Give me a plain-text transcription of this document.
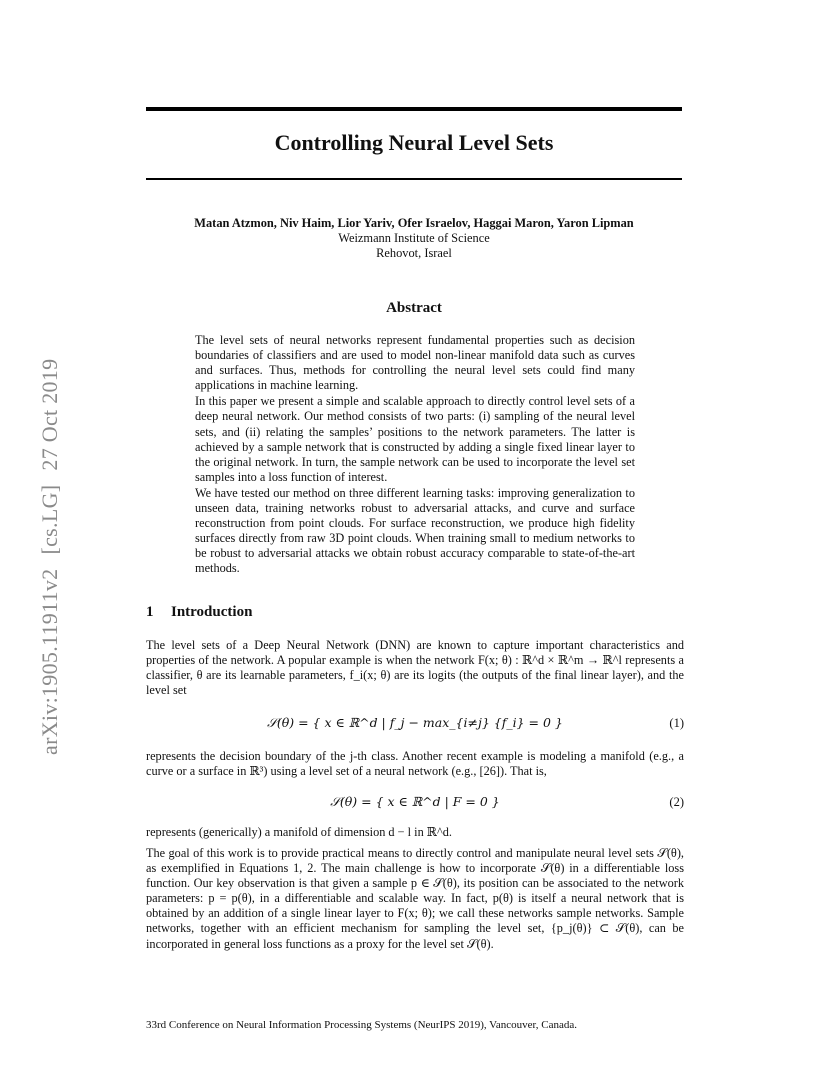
Controlling Neural Level Sets
Matan Atzmon, Niv Haim, Lior Yariv, Ofer Israelov, Haggai Maron, Yaron Lipman
Weizmann Institute of Science
Rehovot, Israel
arXiv:1905.11911v2[cs.LG]27 Oct 2019
Abstract

The level sets of neural networks represent fundamental properties such as decision boundaries of classifiers and are used to model non-linear manifold data such as curves and surfaces. Thus, methods for controlling the neural level sets could find many applications in machine learning.

In this paper we present a simple and scalable approach to directly control level sets of a deep neural network. Our method consists of two parts: (i) sampling of the neural level sets, and (ii) relating the samples’ positions to the network parameters. The latter is achieved by a sample network that is constructed by adding a single fixed linear layer to the original network. In turn, the sample network can be used to incorporate the level set samples into a loss function of interest.

We have tested our method on three different learning tasks: improving generalization to unseen data, training networks robust to adversarial attacks, and curve and surface reconstruction from point clouds. For surface reconstruction, we produce high fidelity surfaces directly from raw 3D point clouds. When training small to medium networks to be robust to adversarial attacks we obtain robust accuracy comparable to state-of-the-art methods.

1 Introduction

The level sets of a Deep Neural Network (DNN) are known to capture important characteristics and properties of the network. A popular example is when the network F(x; θ) : ℝ^d × ℝ^m → ℝ^l represents a classifier, θ are its learnable parameters, f_i(x; θ) are its logits (the outputs of the final linear layer), and the level set

𝒮(θ) = { x ∈ ℝ^d | f_j − max_{i≠j} {f_i} = 0 }	(1)

represents the decision boundary of the j-th class. Another recent example is modeling a manifold (e.g., a curve or a surface in ℝ³) using a level set of a neural network (e.g., [26]). That is,

𝒮(θ) = { x ∈ ℝ^d | F = 0 }	(2)

represents (generically) a manifold of dimension d − l in ℝ^d.

The goal of this work is to provide practical means to directly control and manipulate neural level sets 𝒮(θ), as exemplified in Equations 1, 2. The main challenge is how to incorporate 𝒮(θ) in a differentiable loss function. Our key observation is that given a sample p ∈ 𝒮(θ), its position can be associated to the network parameters: p = p(θ), in a differentiable and scalable way. In fact, p(θ) is itself a neural network that is obtained by an addition of a single linear layer to F(x; θ); we call these networks sample networks. Sample networks, together with an efficient mechanism for sampling the level set, {p_j(θ)} ⊂ 𝒮(θ), can be incorporated in general loss functions as a proxy for the level set 𝒮(θ).

33rd Conference on Neural Information Processing Systems (NeurIPS 2019), Vancouver, Canada.
